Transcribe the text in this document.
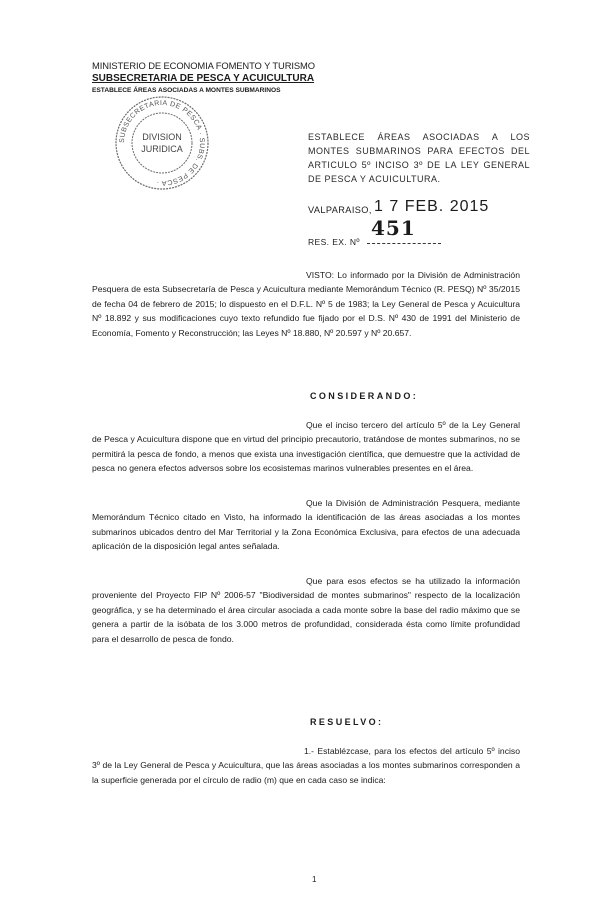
MINISTERIO DE ECONOMIA FOMENTO Y TURISMO
SUBSECRETARIA DE PESCA Y ACUICULTURA
ESTABLECE ÁREAS ASOCIADAS A MONTES SUBMARINOS
SUBSECRETARIA DE PESCA · SUBS. DE PESCA ·
DIVISION
JURIDICA
ESTABLECE ÁREAS ASOCIADAS A LOS MONTES SUBMARINOS PARA EFECTOS DEL ARTICULO 5º INCISO 3º DE LA LEY GENERAL DE PESCA Y ACUICULTURA.
VALPARAISO, 1 7 FEB. 2015
RES. EX. Nº
451
VISTO: Lo informado por la División de Administración Pesquera de esta Subsecretaría de Pesca y Acuicultura mediante Memorándum Técnico (R. PESQ) Nº 35/2015 de fecha 04 de febrero de 2015; lo dispuesto en el D.F.L. Nº 5 de 1983; la Ley General de Pesca y Acuicultura Nº 18.892 y sus modificaciones cuyo texto refundido fue fijado por el D.S. Nº 430 de 1991 del Ministerio de Economía, Fomento y Reconstrucción; las Leyes Nº 18.880, Nº 20.597 y Nº 20.657.
CONSIDERANDO:
Que el inciso tercero del artículo 5º de la Ley General de Pesca y Acuicultura dispone que en virtud del principio precautorio, tratándose de montes submarinos, no se permitirá la pesca de fondo, a menos que exista una investigación científica, que demuestre que la actividad de pesca no genera efectos adversos sobre los ecosistemas marinos vulnerables presentes en el área.
Que la División de Administración Pesquera, mediante Memorándum Técnico citado en Visto, ha informado la identificación de las áreas asociadas a los montes submarinos ubicados dentro del Mar Territorial y la Zona Económica Exclusiva, para efectos de una adecuada aplicación de la disposición legal antes señalada.
Que para esos efectos se ha utilizado la información proveniente del Proyecto FIP Nº 2006-57 "Biodiversidad de montes submarinos" respecto de la localización geográfica, y se ha determinado el área circular asociada a cada monte sobre la base del radio máximo que se genera a partir de la isóbata de los 3.000 metros de profundidad, considerada ésta como límite profundidad para el desarrollo de pesca de fondo.
RESUELVO:
1.- Establézcase, para los efectos del artículo 5º inciso 3º de la Ley General de Pesca y Acuicultura, que las áreas asociadas a los montes submarinos corresponden a la superficie generada por el círculo de radio (m) que en cada caso se indica:
1
